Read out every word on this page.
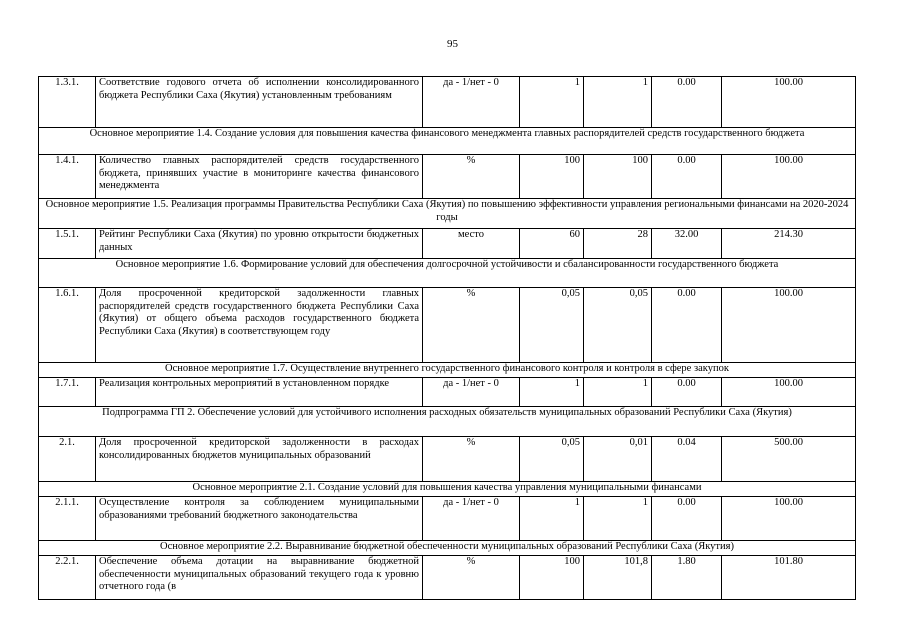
95
1.3.1.	Соответствие годового отчета об исполнении консолидированного бюджета Республики Саха (Якутия) установленным требованиям	да - 1/нет - 0	1	1	0.00	100.00
Основное мероприятие 1.4. Создание условия для повышения качества финансового менеджмента главных распорядителей средств государственного бюджета						
1.4.1.	Количество главных распорядителей средств государственного бюджета, принявших участие в мониторинге качества финансового менеджмента	%	100	100	0.00	100.00
Основное мероприятие 1.5. Реализация программы Правительства Республики Саха (Якутия) по повышению эффективности управления региональными финансами на 2020-2024 годы						
1.5.1.	Рейтинг Республики Саха (Якутия) по уровню открытости бюджетных данных	место	60	28	32.00	214.30
Основное мероприятие 1.6. Формирование условий для обеспечения долгосрочной устойчивости и сбалансированности государственного бюджета						
1.6.1.	Доля просроченной кредиторской задолженности главных распорядителей средств государственного бюджета Республики Саха (Якутия) от общего объема расходов государственного бюджета Республики Саха (Якутия) в соответствующем году	%	0,05	0,05	0.00	100.00
Основное мероприятие 1.7. Осуществление внутреннего государственного финансового контроля и контроля в сфере закупок						
1.7.1.	Реализация контрольных мероприятий в установленном порядке	да - 1/нет - 0	1	1	0.00	100.00
Подпрограмма ГП 2. Обеспечение условий для устойчивого исполнения расходных обязательств муниципальных образований Республики Саха (Якутия)						
2.1.	Доля просроченной кредиторской задолженности в расходах консолидированных бюджетов муниципальных образований	%	0,05	0,01	0.04	500.00
Основное мероприятие 2.1. Создание условий для повышения качества управления муниципальными финансами						
2.1.1.	Осуществление контроля за соблюдением муниципальными образованиями требований бюджетного законодательства	да - 1/нет - 0	1	1	0.00	100.00
Основное мероприятие 2.2. Выравнивание бюджетной обеспеченности муниципальных образований Республики Саха (Якутия)						
2.2.1.	Обеспечение объема дотации на выравнивание бюджетной обеспеченности муниципальных образований текущего года к уровню отчетного года (в	%	100	101,8	1.80	101.80
